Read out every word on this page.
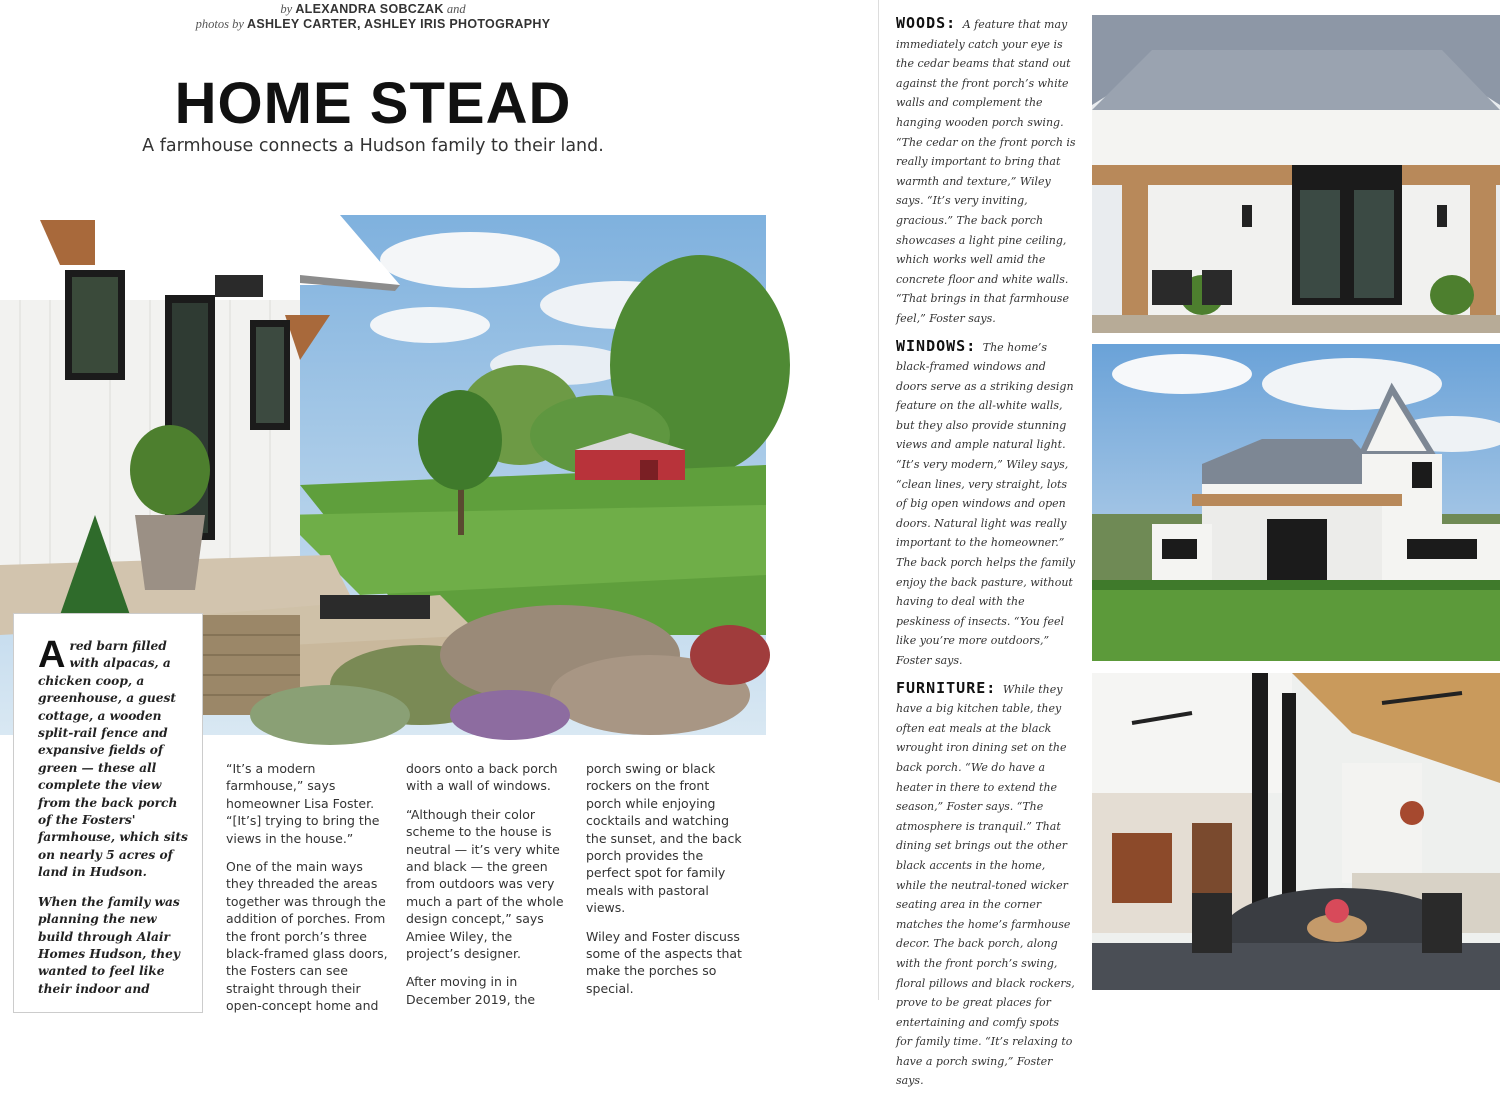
by ALEXANDRA SOBCZAK and
photos by ASHLEY CARTER, ASHLEY IRIS PHOTOGRAPHY
HOME STEAD
A farmhouse connects a Hudson family to their land.

Ared barn filled with alpacas, a chicken coop, a greenhouse, a guest cottage, a wooden split-rail fence and expansive fields of green — these all complete the view from the back porch of the Fosters' farmhouse, which sits on nearly 5 acres of land in Hudson.

When the family was planning the new build through Alair Homes Hudson, they wanted to feel like their indoor and

“It’s a modern farmhouse,” says homeowner Lisa Foster. “[It’s] trying to bring the views in the house.”

One of the main ways they threaded the areas together was through the addition of porches. From the front porch’s three black-framed glass doors, the Fosters can see straight through their open-concept home and

doors onto a back porch with a wall of windows.

“Although their color scheme to the house is neutral — it’s very white and black — the green from outdoors was very much a part of the whole design concept,” says Amiee Wiley, the project’s designer.

After moving in in December 2019, the

porch swing or black rockers on the front porch while enjoying cocktails and watching the sunset, and the back porch provides the perfect spot for family meals with pastoral views.

Wiley and Foster discuss some of the aspects that make the porches so special.

WOODS: A feature that may immediately catch your eye is the cedar beams that stand out against the front porch’s white walls and complement the hanging wooden porch swing. “The cedar on the front porch is really important to bring that warmth and texture,” Wiley says. “It’s very inviting, gracious.” The back porch showcases a light pine ceiling, which works well amid the concrete floor and white walls. “That brings in that farmhouse feel,” Foster says.

WINDOWS: The home’s black-framed windows and doors serve as a striking design feature on the all-white walls, but they also provide stunning views and ample natural light. “It’s very modern,” Wiley says, “clean lines, very straight, lots of big open windows and open doors. Natural light was really important to the homeowner.” The back porch helps the family enjoy the back pasture, without having to deal with the peskiness of insects. “You feel like you’re more outdoors,” Foster says.

FURNITURE: While they have a big kitchen table, they often eat meals at the black wrought iron dining set on the back porch. “We do have a heater in there to extend the season,” Foster says. “The atmosphere is tranquil.” That dining set brings out the other black accents in the home, while the neutral-toned wicker seating area in the corner matches the home’s farmhouse decor. The back porch, along with the front porch’s swing, floral pillows and black rockers, prove to be great places for entertaining and comfy spots for family time. “It’s relaxing to have a porch swing,” Foster says.
